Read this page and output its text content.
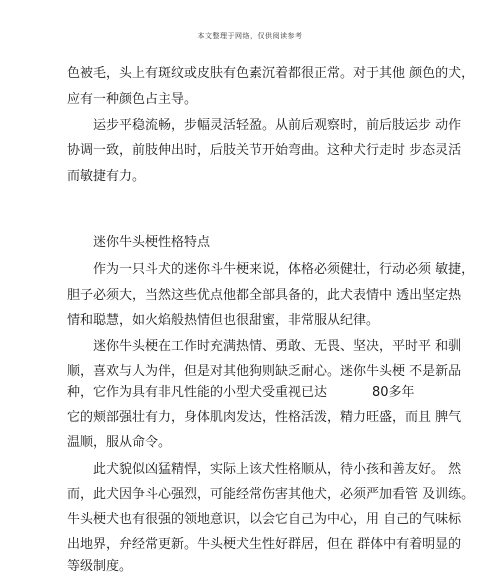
本文整理于网络，仅供阅读参考
色被毛，头上有斑纹或皮肤有色素沉着都很正常。对于其他 颜色的犬，
应有一种颜色占主导。
运步平稳流畅，步幅灵活轻盈。从前后观察时，前后肢运步 动作
协调一致，前肢伸出时，后肢关节开始弯曲。这种犬行走时 步态灵活
而敏捷有力。
迷你牛头梗性格特点
作为一只斗犬的迷你斗牛梗来说，体格必须健壮，行动必须 敏捷，
胆子必须大，当然这些优点他都全部具备的，此犬表情中 透出坚定热
情和聪慧，如火焰般热情但也很甜蜜，非常服从纪律。
迷你牛头梗在工作时充满热情、勇敢、无畏、坚决，平时平 和驯
顺，喜欢与人为伴，但是对其他狗则缺乏耐心。迷你牛头梗 不是新品
种，它作为具有非凡性能的小型犬受重视已达	80多年
它的颊部强壮有力，身体肌肉发达，性格活泼，精力旺盛，而且 脾气
温顺，服从命令。
此犬貌似凶猛精悍，实际上该犬性格顺从，待小孩和善友好。 然
而，此犬因争斗心强烈，可能经常伤害其他犬，必须严加看管 及训练。
牛头梗犬也有很强的领地意识，以会它自己为中心，用 自己的气味标
出地界，弁经常更新。牛头梗犬生性好群居，但在 群体中有着明显的
等级制度。
